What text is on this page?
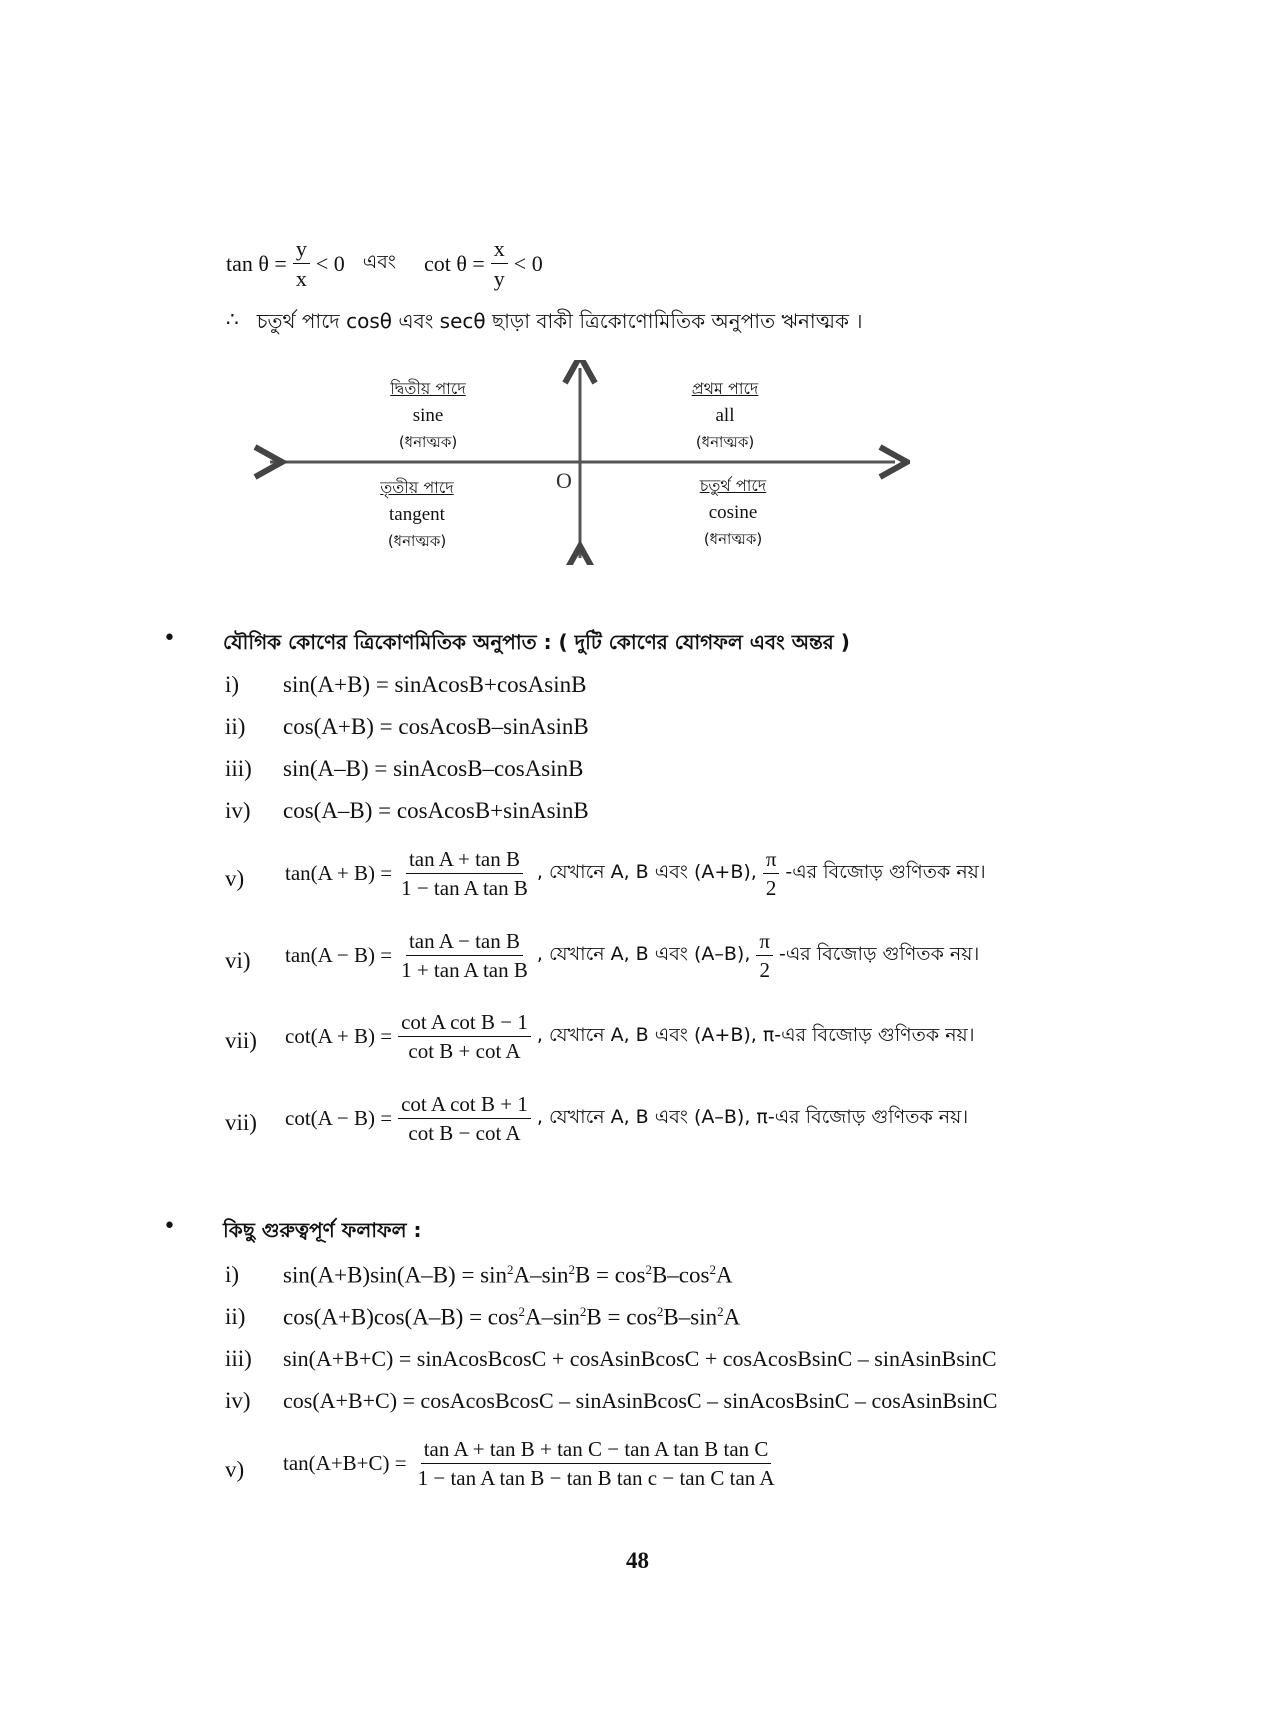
$\tan \theta = \frac{y}{x} < 0$ এবং $\cot \theta = \frac{x}{y} < 0$
∴ চতুর্থ পাদে cosθ এবং secθ ছাড়া বাকী ত্রিকোণোমিতিক অনুপাত ঋনাত্মক ।
O
দ্বিতীয় পাদে
sine
(ধনাত্মক)
প্রথম পাদে
all
(ধনাত্মক)
তৃতীয় পাদে
tangent
(ধনাত্মক)
চতুর্থ পাদে
cosine
(ধনাত্মক)
• যৌগিক কোণের ত্রিকোণমিতিক অনুপাত : ( দুটি কোণের যোগফল এবং অন্তর )
i)	sin(A+B) = sinAcosB+cosAsinB
ii)	cos(A+B) = cosAcosB–sinAsinB
iii)	sin(A–B) = sinAcosB–cosAsinB
iv)	cos(A–B) = cosAcosB+sinAsinB
v)	$\tan(A + B) = \frac{\text{tan A + tan B}}{\text{1 − tan A tan B}}$ , যেখানে A, B এবং (A+B), $\frac{\pi}{2}$ -এর বিজোড় গুণিতক নয়।
vi)	$\tan(A - B) = \frac{\text{tan A − tan B}}{\text{1 + tan A tan B}}$ , যেখানে A, B এবং (A–B), $\frac{\pi}{2}$ -এর বিজোড় গুণিতক নয়।
vii)	$\cot(A + B) = \frac{\text{cot A cot B − 1}}{\text{cot B + cot A}}$ , যেখানে A, B এবং (A+B), π-এর বিজোড় গুণিতক নয়।
vii)	$\cot(A - B) = \frac{\text{cot A cot B + 1}}{\text{cot B − cot A}}$ , যেখানে A, B এবং (A–B), π-এর বিজোড় গুণিতক নয়।
• কিছু গুরুত্বপূর্ণ ফলাফল :
i)	$\sin(A+B)\sin(A-B) = \sin^2A-\sin^2B = \cos^2B-\cos^2A$
ii)	$\cos(A+B)\cos(A-B) = \cos^2A-\sin^2B = \cos^2B-\sin^2A$
iii)	sin(A+B+C) = sinAcosBcosC + cosAsinBcosC + cosAcosBsinC – sinAsinBsinC
iv)	cos(A+B+C) = cosAcosBcosC – sinAsinBcosC – sinAcosBsinC – cosAsinBsinC
v)	$\tan(A+B+C) = \frac{\text{tan A + tan B + tan C − tan A tan B tan C}}{\text{1 − tan A tan B − tan B tan c − tan C tan A}}$
48
